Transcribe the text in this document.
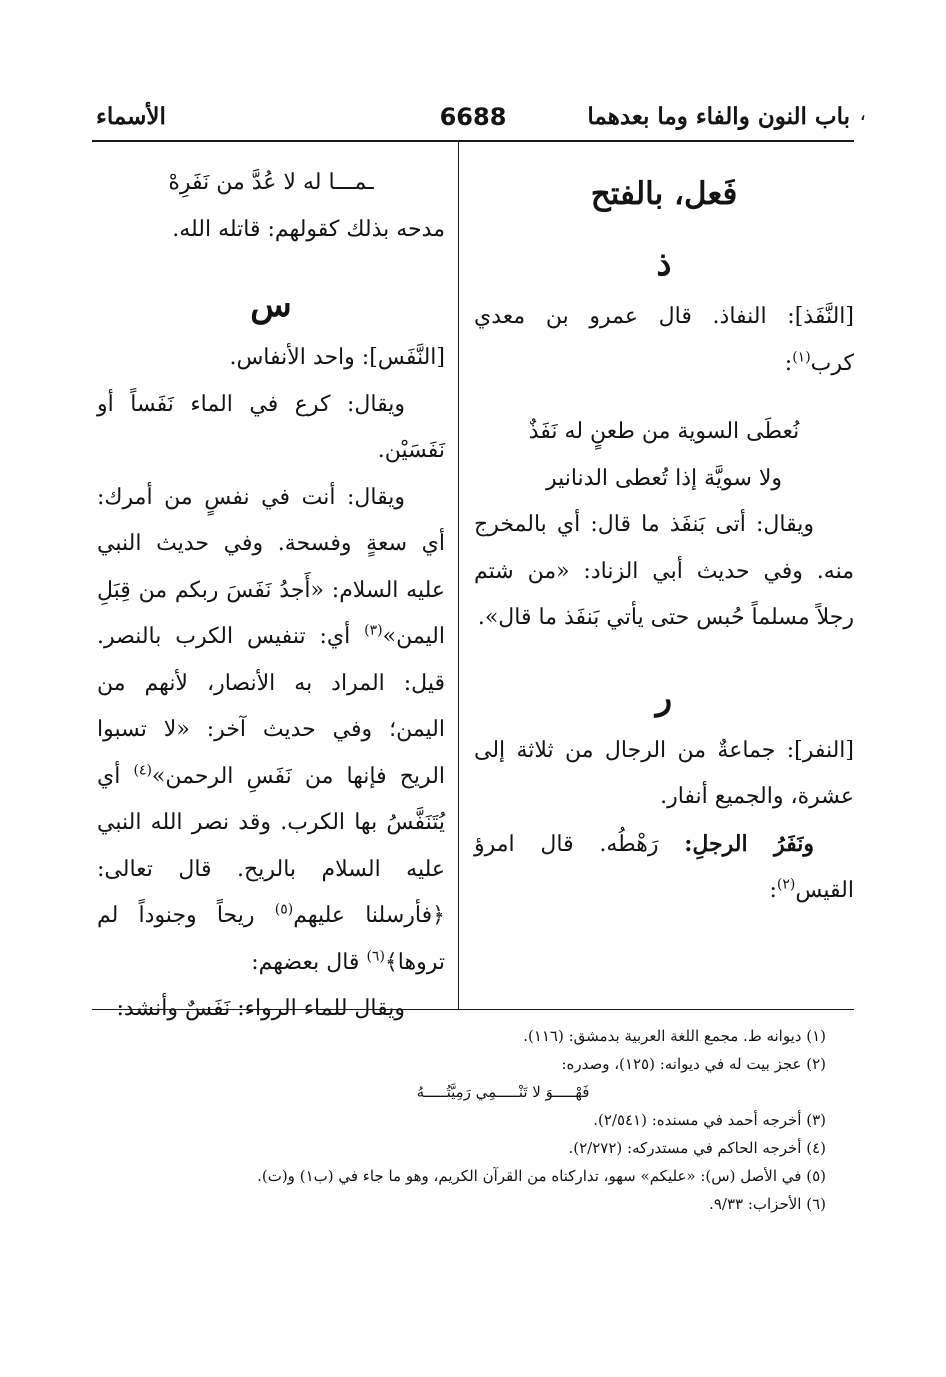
،
باب النون والفاء وما بعدهما
6688
الأسماء
فَعل، بالفتح
ذ

[النَّفَذ]: النفاذ. قال عمرو بن معدي كرب$^{(١)}$:

نُعطَى السوية من طعنٍ له نَفَذٌ

ولا سويَّة إذا تُعطى الدنانير

ويقال: أتى بَنفَذ ما قال: أي بالمخرج منه. وفي حديث أبي الزناد: «من شتم رجلاً مسلماً حُبس حتى يأتي بَنفَذ ما قال».

ر

[النفر]: جماعةٌ من الرجال من ثلاثة إلى عشرة، والجميع أنفار.

ونَفَرُ الرجلِ: رَهْطُه. قال امرؤ القيس$^{(٢)}$:

ـمـــا له لا عُدَّ من نَفَرِهْ

مدحه بذلك كقولهم: قاتله الله.

س

[النَّفَس]: واحد الأنفاس.

ويقال: كرع في الماء نَفَساً أو نَفَسَيْن.

ويقال: أنت في نفسٍ من أمرك: أي سعةٍ وفسحة. وفي حديث النبي عليه السلام: «أَجدُ نَفَسَ ربكم من قِبَلِ اليمن»$^{(٣)}$ أي: تنفيس الكرب بالنصر. قيل: المراد به الأنصار، لأنهم من اليمن؛ وفي حديث آخر: «لا تسبوا الريح فإنها من نَفَسِ الرحمن»$^{(٤)}$ أي يُتَنَفَّسُ بها الكرب. وقد نصر الله النبي عليه السلام بالريح. قال تعالى: ﴿فأرسلنا عليهم$^{(٥)}$ ريحاً وجنوداً لم تروها﴾$^{(٦)}$ قال بعضهم:

ويقال للماء الرواء: نَفَسٌ وأنشد:

(١) ديوانه ط. مجمع اللغة العربية بدمشق: (١١٦).

(٢) عجز بيت له في ديوانه: (١٢٥)، وصدره:

فَهْـــــوَ لا تَنْـــــمِي رَمِيَّتُـــــهُ

(٣) أخرجه أحمد في مسنده: (٢/٥٤١).

(٤) أخرجه الحاكم في مستدركه: (٢/٢٧٢).

(٥) في الأصل (س): «عليكم» سهو، تداركناه من القرآن الكريم، وهو ما جاء في (ب١) و(ت).

(٦) الأحزاب: ٩/٣٣.
